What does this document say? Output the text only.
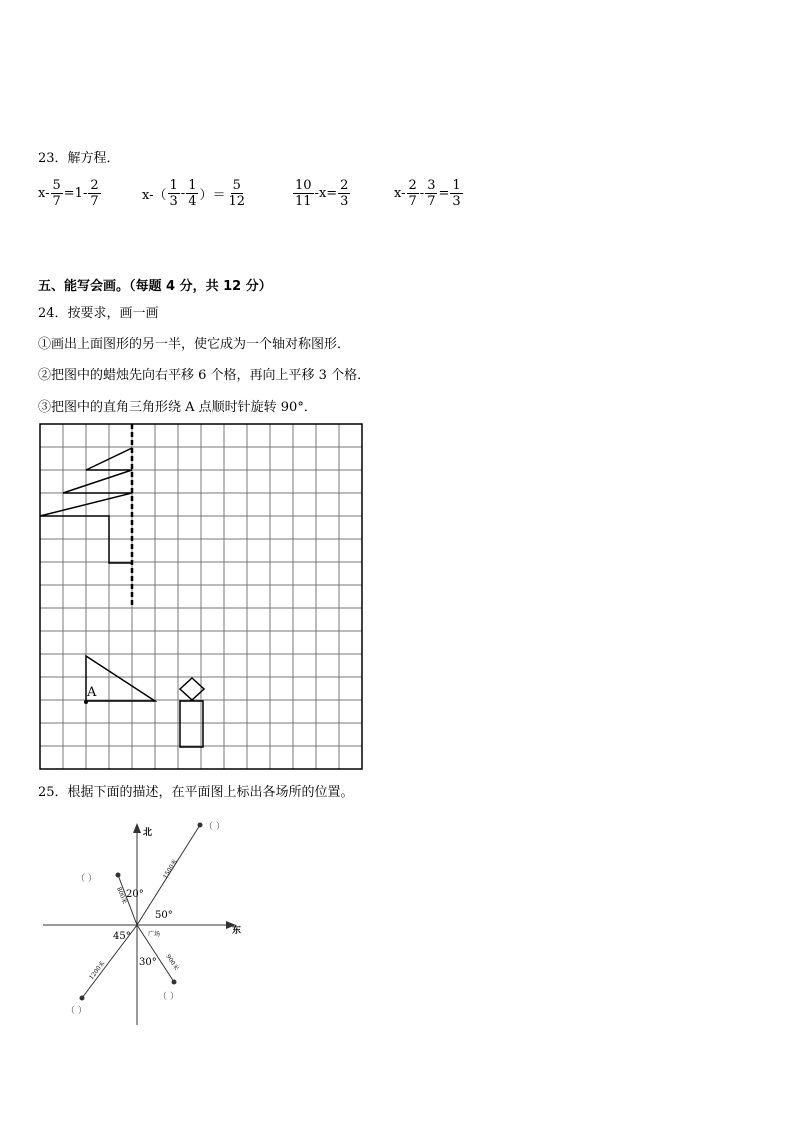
23．解方程．
$x- \frac{5}{7} =1- \frac{2}{7}$	$x-( \frac{1}{3} - \frac{1}{4}$ ）＝ $\frac{5}{12}$	$\frac{10}{11} -x= \frac{2}{3}$	$x- \frac{2}{7} - \frac{3}{7} = \frac{1}{3}$
五、能写会画。（每题 4 分，共 12 分）
24．按要求，画一画
①画出上面图形的另一半，使它成为一个轴对称图形．
②把图中的蜡烛先向右平移 6 个格，再向上平移 3 个格．
③把图中的直角三角形绕 A 点顺时针旋转 90°．
A
25．根据下面的描述，在平面图上标出各场所的位置。
北
东
20°
50°
45°
30°
1500米
800米
1200米	900米
广场
（ ）
（ ）
（ ）
（ ）
